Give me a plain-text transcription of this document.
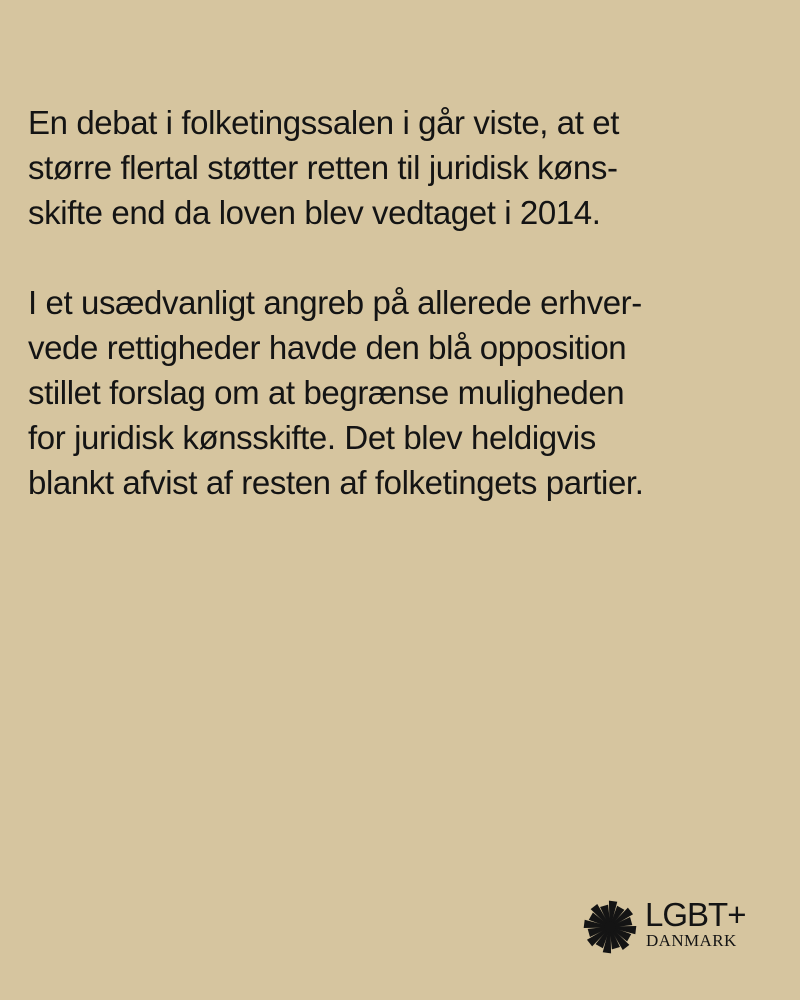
En debat i folketingssalen i går viste, at et
større flertal støtter retten til juridisk køns-
skifte end da loven blev vedtaget i 2014.

I et usædvanligt angreb på allerede erhver-
vede rettigheder havde den blå opposition
stillet forslag om at begrænse muligheden
for juridisk kønsskifte. Det blev heldigvis
blankt afvist af resten af folketingets partier.

LGBT+
DANMARK
